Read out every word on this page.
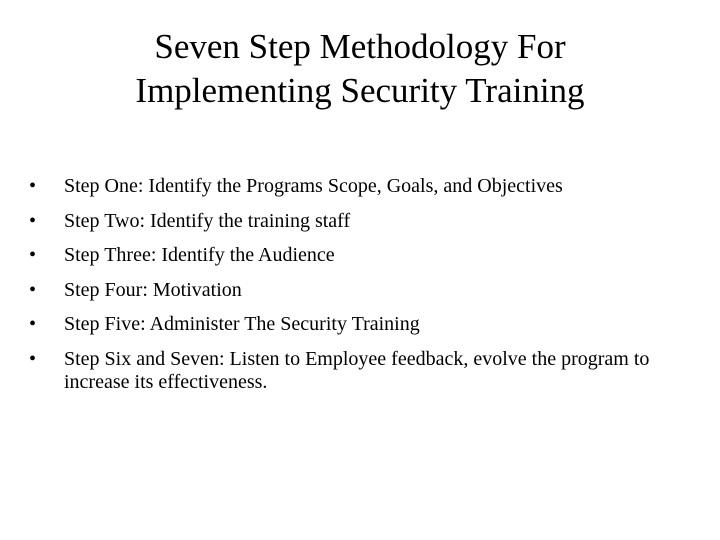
Seven Step Methodology For
Implementing Security Training
•	Step One: Identify the Programs Scope, Goals, and Objectives
•	Step Two: Identify the training staff
•	Step Three: Identify the Audience
•	Step Four: Motivation
•	Step Five: Administer The Security Training
•	Step Six and Seven: Listen to Employee feedback, evolve the program to increase its effectiveness.
